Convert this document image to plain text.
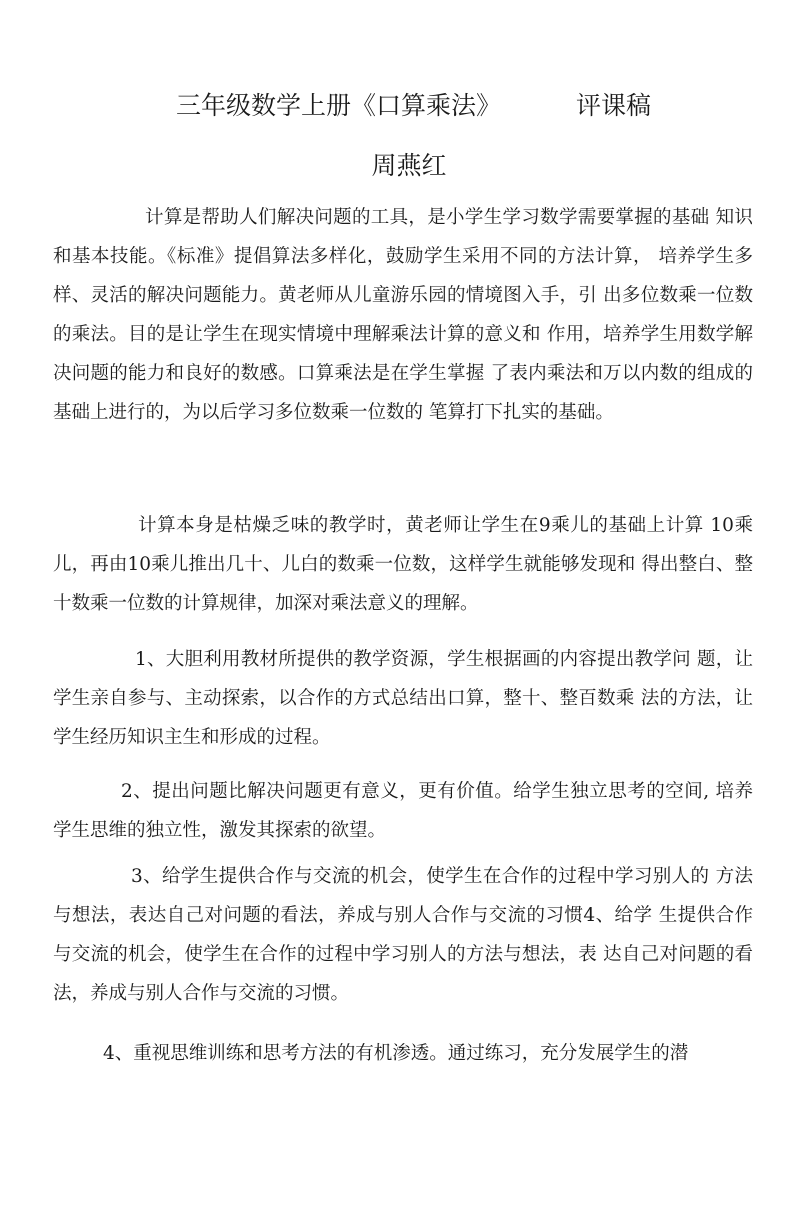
三年级数学上册《口算乘法》	评课稿
周燕红

计算是帮助人们解决问题的工具，是小学生学习数学需要掌握的基础 知识和基本技能。《标准》提倡算法多样化，鼓励学生采用不同的方法计算， 培养学生多样、灵活的解决问题能力。黄老师从儿童游乐园的情境图入手，引 出多位数乘一位数的乘法。目的是让学生在现实情境中理解乘法计算的意义和 作用，培养学生用数学解决问题的能力和良好的数感。口算乘法是在学生掌握 了表内乘法和万以内数的组成的基础上进行的，为以后学习多位数乘一位数的 笔算打下扎实的基础。

计算本身是枯燥乏味的教学时，黄老师让学生在9乘儿的基础上计算 10乘儿，再由10乘儿推出几十、儿白的数乘一位数，这样学生就能够发现和 得出整白、整十数乘一位数的计算规律，加深对乘法意义的理解。

1、大胆利用教材所提供的教学资源，学生根据画的内容提出教学问 题，让学生亲自参与、主动探索，以合作的方式总结出口算，整十、整百数乘 法的方法，让学生经历知识主生和形成的过程。

2、提出问题比解决问题更有意义，更有价值。给学生独立思考的空间, 培养学生思维的独立性，激发其探索的欲望。

3、给学生提供合作与交流的机会，使学生在合作的过程中学习别人的 方法与想法，表达自己对问题的看法，养成与别人合作与交流的习惯4、给学 生提供合作与交流的机会，使学生在合作的过程中学习别人的方法与想法，表 达自己对问题的看法，养成与别人合作与交流的习惯。

4、重视思维训练和思考方法的有机渗透。通过练习，充分发展学生的潜
